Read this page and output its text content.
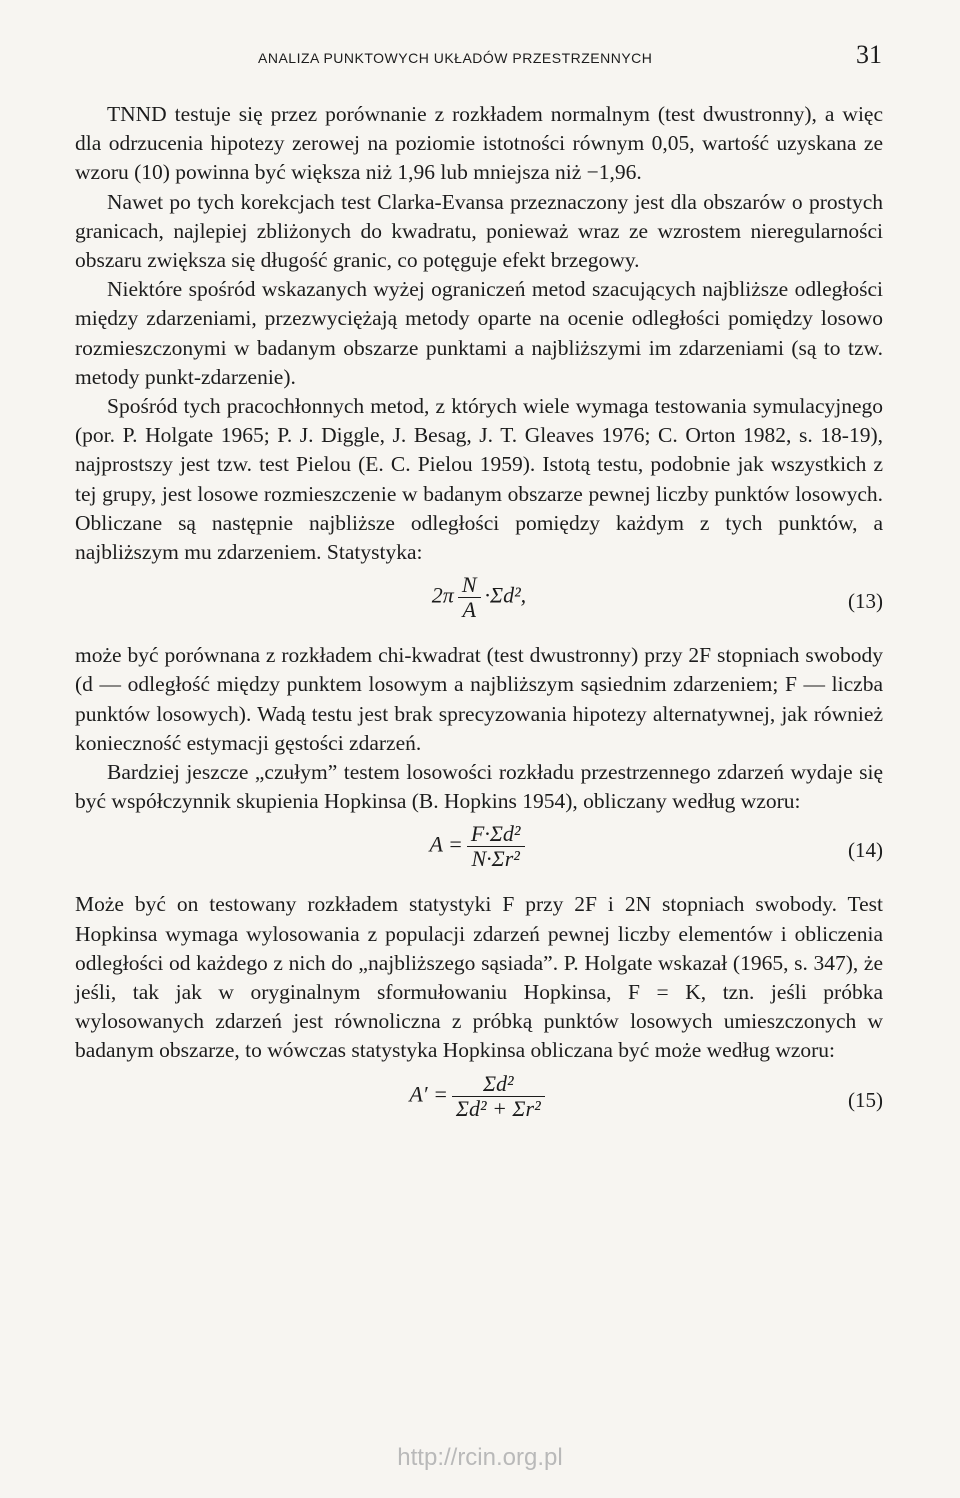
ANALIZA PUNKTOWYCH UKŁADÓW PRZESTRZENNYCH	31

TNND testuje się przez porównanie z rozkładem normalnym (test dwustronny), a więc dla odrzucenia hipotezy zerowej na poziomie istotności równym 0,05, wartość uzyskana ze wzoru (10) powinna być większa niż 1,96 lub mniejsza niż −1,96.

Nawet po tych korekcjach test Clarka-Evansa przeznaczony jest dla obszarów o prostych granicach, najlepiej zbliżonych do kwadratu, ponieważ wraz ze wzrostem nieregularności obszaru zwiększa się długość granic, co potęguje efekt brzegowy.

Niektóre spośród wskazanych wyżej ograniczeń metod szacujących najbliższe odległości między zdarzeniami, przezwyciężają metody oparte na ocenie odległości pomiędzy losowo rozmieszczonymi w badanym obszarze punktami a najbliższymi im zdarzeniami (są to tzw. metody punkt-zdarzenie).

Spośród tych pracochłonnych metod, z których wiele wymaga testowania symulacyjnego (por. P. Holgate 1965; P. J. Diggle, J. Besag, J. T. Gleaves 1976; C. Orton 1982, s. 18-19), najprostszy jest tzw. test Pielou (E. C. Pielou 1959). Istotą testu, podobnie jak wszystkich z tej grupy, jest losowe rozmieszczenie w badanym obszarze pewnej liczby punktów losowych. Obliczane są następnie najbliższe odległości pomiędzy każdym z tych punktów, a najbliższym mu zdarzeniem. Statystyka:

$2\pi \frac{N}{A} \cdot\Sigma d^2$,	(13)

może być porównana z rozkładem chi-kwadrat (test dwustronny) przy 2F stopniach swobody (d — odległość między punktem losowym a najbliższym sąsiednim zdarzeniem; F — liczba punktów losowych). Wadą testu jest brak sprecyzowania hipotezy alternatywnej, jak również konieczność estymacji gęstości zdarzeń.

Bardziej jeszcze „czułym” testem losowości rozkładu przestrzennego zdarzeń wydaje się być współczynnik skupienia Hopkinsa (B. Hopkins 1954), obliczany według wzoru:

$A = \frac{\text{F·Σd²}}{\text{N·Σr²}}$	(14)

Może być on testowany rozkładem statystyki F przy 2F i 2N stopniach swobody. Test Hopkinsa wymaga wylosowania z populacji zdarzeń pewnej liczby elementów i obliczenia odległości od każdego z nich do „najbliższego sąsiada”. P. Holgate wskazał (1965, s. 347), że jeśli, tak jak w oryginalnym sformułowaniu Hopkinsa, F = K, tzn. jeśli próbka wylosowanych zdarzeń jest równoliczna z próbką punktów losowych umieszczonych w badanym obszarze, to wówczas statystyka Hopkinsa obliczana być może według wzoru:

$A' = \frac{\text{Σd²}}{\text{Σd² + Σr²}}$	(15)
http://rcin.org.pl
